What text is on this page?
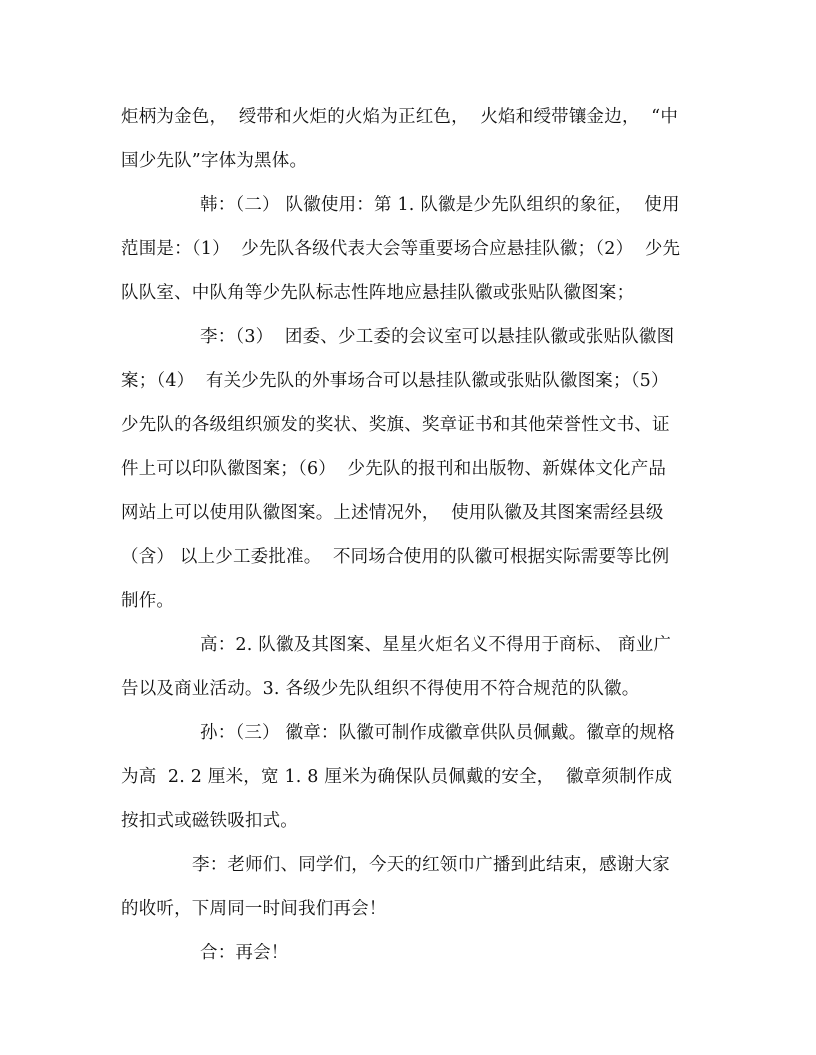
炬柄为金色，  绶带和火炬的火焰为正红色，  火焰和绶带镶金边，  “中
国少先队”字体为黑体。
韩：（二） 队徽使用：第 1. 队徽是少先队组织的象征，  使用
范围是：（1）  少先队各级代表大会等重要场合应悬挂队徽；（2）  少先
队队室、中队角等少先队标志性阵地应悬挂队徽或张贴队徽图案；
李：（3）  团委、少工委的会议室可以悬挂队徽或张贴队徽图
案；（4）  有关少先队的外事场合可以悬挂队徽或张贴队徽图案；（5）
少先队的各级组织颁发的奖状、奖旗、奖章证书和其他荣誉性文书、证
件上可以印队徽图案；（6）  少先队的报刊和出版物、新媒体文化产品
网站上可以使用队徽图案。上述情况外，  使用队徽及其图案需经县级
（含） 以上少工委批准。  不同场合使用的队徽可根据实际需要等比例
制作。
高：2. 队徽及其图案、星星火炬名义不得用于商标、 商业广
告以及商业活动。3. 各级少先队组织不得使用不符合规范的队徽。
孙：（三） 徽章：队徽可制作成徽章供队员佩戴。徽章的规格
为高  2. 2 厘米，宽 1. 8 厘米为确保队员佩戴的安全，  徽章须制作成
按扣式或磁铁吸扣式。
李：老师们、同学们，今天的红领巾广播到此结束，感谢大家
的收听，下周同一时间我们再会！
合：再会！
